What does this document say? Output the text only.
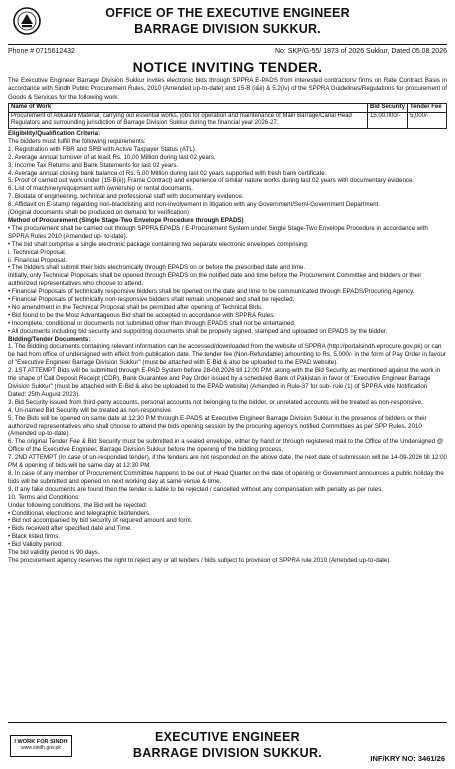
OFFICE OF THE EXECUTIVE ENGINEER
BARRAGE DIVISION SUKKUR.
Phone # 0715612432	No: SKP/G-55/ 1873 of 2026 Sukkur, Dated 05.08.2026
NOTICE INVITING TENDER.
The Executive Engineer Barrage Division Sukkur invites electronic bids through SPPRA E-PADS from interested contractors/ firms on Rate Contract Basis in accordance with Sindh Public Procurement Rules, 2010 (Amended up-to-date) and 15-B (i&ii) & 5.2(iv) of the SPPRA Guidelines/Regulations for procurement of Goods & Services for the following work:
Name of Work	Bid Security	Tender Fee
Procurement of Abkalani Material, carrying out essential works, jobs for operation and maintenance of Main Barrage/Canal Head Regulators and surrounding jurisdiction of Barrage Division Sukkur during the financial year 2026-27.	15,00,000/-	5,000/-
Eligibility/Qualification Criteria:
The bidders must fulfill the following requirements:
1. Registration with FBR and SRB with Active Taxpayer Status (ATL).
2. Average annual turnover of at least Rs. 10.00 Million during last 02 years.
3. Income Tax Returns and Bank Statements for last 02 years.
4. Average annual closing bank balance of Rs. 5.00 Million during last 02 years supported with fresh bank certificate.
5. Proof of carried out work under (15-B(ii)) Frame Contract) and experience of similar nature works during last 02 years with documentary evidence.
6. List of machinery/equipment with ownership or rental documents.
7. Biodata of engineering, technical and professional staff with documentary evidence.
8. Affidavit on E-stamp regarding non-blacklisting and non-involvement in litigation with any Government/Semi-Government Department.
(Original documents shall be produced on demand for verification)
Method of Procurement (Single Stage-Two Envelope Procedure through EPADS)
• The procurement shall be carried out through SPPRA EPADS / E-Procurement System under Single Stage-Two Envelope Procedure in accordance with SPPRA Rules 2010 (Amended up- to-date).
• The bid shall comprise a single electronic package containing two separate electronic envelopes comprising:
i. Technical Proposal.
ii. Financial Proposal.
• The bidders shall submit their bids electronically through EPADS on or before the prescribed date and time.
Initially, only Technical Proposals shall be opened through EPADS on the notified date and time before the Procurement Committee and bidders or their authorized representatives who choose to attend.
• Financial Proposals of technically responsive bidders shall be opened on the date and time to be communicated through EPADS/Procuring Agency.
• Financial Proposals of technically non-responsive bidders shall remain unopened and shall be rejected.
• No amendment in the Technical Proposal shall be permitted after opening of Technical Bids.
• Bid found to be the Most Advantageous Bid shall be accepted in accordance with SPPRA Rules.
• Incomplete, conditional or documents not submitted other than through EPADS shall not be entertained.
• All documents including bid security and supporting documents shall be properly signed, stamped and uploaded on EPADS by the bidder.
Bidding/Tender Documents:
1. The Bidding documents containing relevant information can be accessed/downloaded from the website of SPPRA (http://portalsindh.eprocure.gov.pk) or can be had from office of undersigned with effect from publication date. The tender fee (Non-Refundable) amounting to Rs. 5,000/- in the form of Pay Order in favour of "Executive Engineer Barrage Division Sukkur" (must be attached with E-Bid & also be uploaded to the EPAD website).
2. 1ST ATTEMPT Bids will be submitted through E-PAD System before 28-08.2026 till 12:00 P.M. along-with the Bid Security as mentioned against the work in the shape of Call Deposit Receipt (CDR), Bank Guarantee and Pay Order issued by a scheduled Bank of Pakistan in favor of "Executive Engineer Barrage Division Sukkur" (must be attached with E-Bid & also be uploaded to the EPAD website) (Amended in Rule-37 for sub- rule (1) of SPPRA vide Notification Dated: 25th August 2023).
3. Bid Security issued from third-party accounts, personal accounts not belonging to the bidder, or unrelated accounts will be treated as non-responsive.
4. Un-named Bid Security will be treated as non-responsive.
5. The Bids will be opened on same date at 12:30 P.M through E-PADS at Executive Engineer Barrage Division Sukkur in the presence of bidders or their authorized representatives who shall choose to attend the bids opening session by the procuring agency's notified Committees as per SPP Rules, 2010 (Amended up-to-date).
6. The original Tender Fee & Bid Security must be submitted in a sealed envelope, either by hand or through registered mail to the Office of the Undersigned @ Office of the Executive Engineer, Barrage Division Sukkur before the opening of the bidding process.
7. 2ND ATTEMPT (In case of un-responded tender), if the tenders are not responded on the above date, the next date of submission will be 14-09-2026 till 12:00 PM & opening of bids will be same day at 12:30 PM.
8. In case of any member of Procurement Committee happens to be out of Head Quarter on the date of opening or Government announces a public holiday the bids will be submitted and opened on next working day at same venue & time.
9. If any fake documents are found then the tender is liable to be rejected / cancelled without any compensation with penalty as per rules.
10. Terms and Conditions:
Under following conditions, the Bid will be rejected:
• Conditional, electronic and telegraphic bid/tenders.
• Bid not accompanied by bid security of required amount and form.
• Bids received after specified date and Time.
• Black listed firms.
• Bid Validity period:
The bid validity period is 90 days.
The procurement agency reserves the right to reject any or all tenders / bids subject to provision of SPPRA rule 2010 (Amended up-to-date).
I WORK FOR SINDH
www.sindh.gov.pk
EXECUTIVE ENGINEER
BARRAGE DIVISION SUKKUR.	INF/KRY NO: 3461/26
